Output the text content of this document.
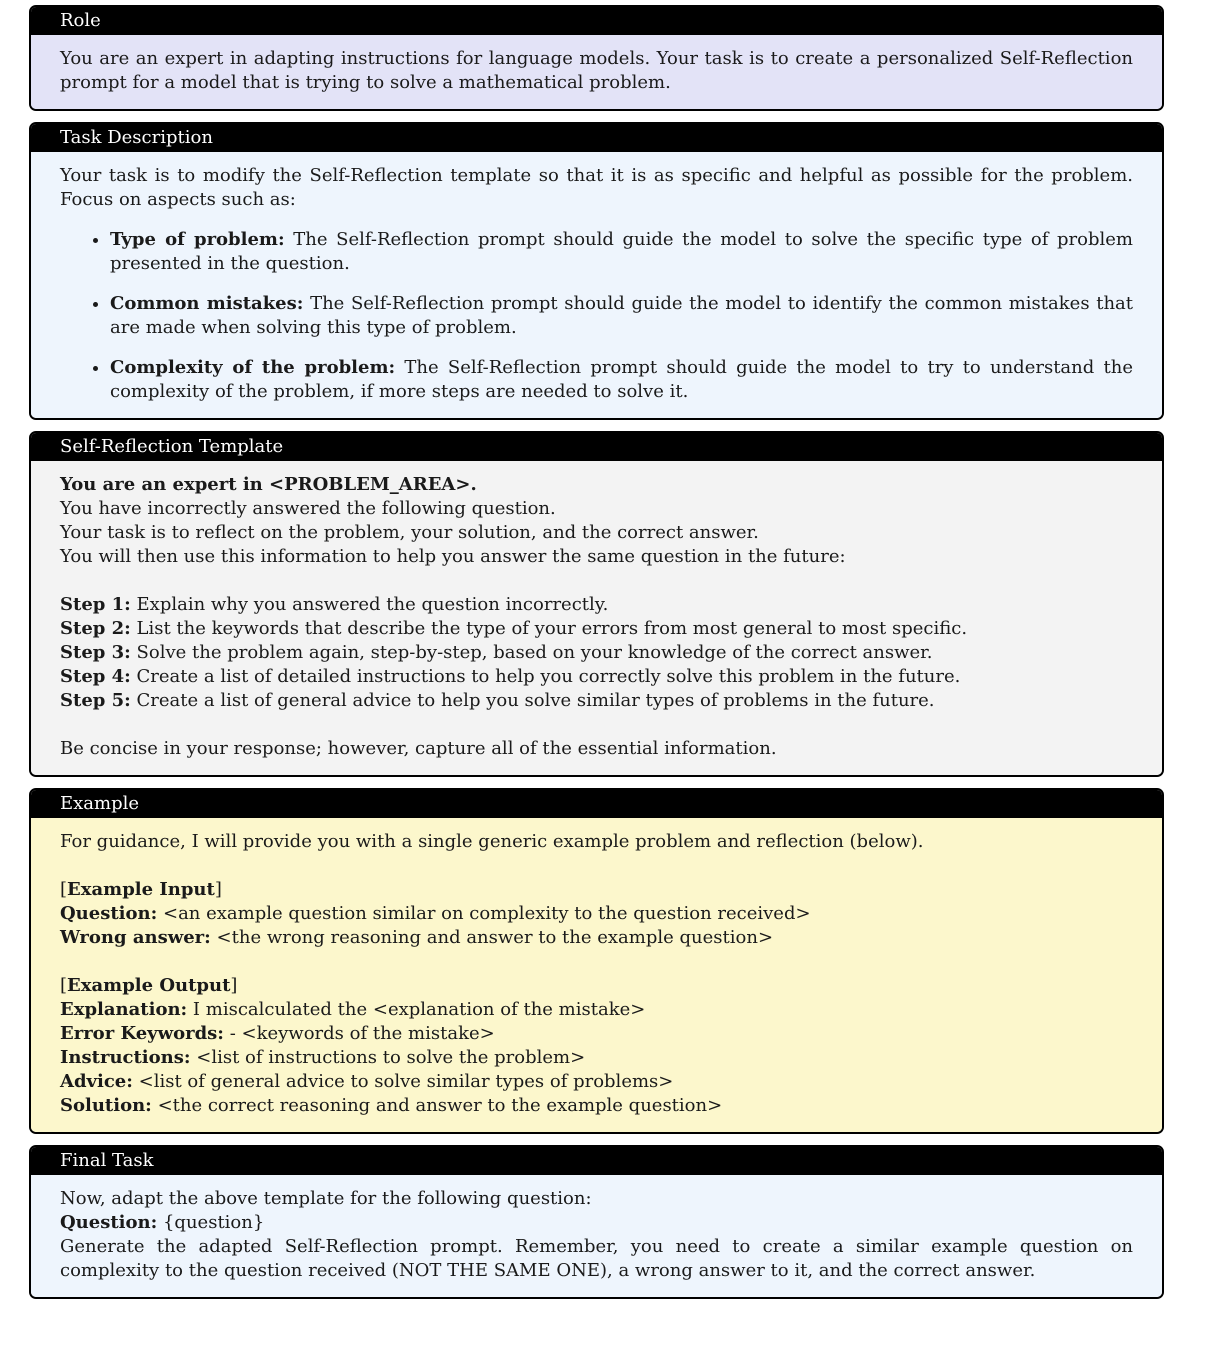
Role
You are an expert in adapting instructions for language models. Your task is to create a personalized Self-Reflection prompt for a model that is trying to solve a mathematical problem.
Task Description
Your task is to modify the Self-Reflection template so that it is as specific and helpful as possible for the problem. Focus on aspects such as:
• Type of problem: The Self-Reflection prompt should guide the model to solve the specific type of problem presented in the question.
• Common mistakes: The Self-Reflection prompt should guide the model to identify the common mistakes that are made when solving this type of problem.
• Complexity of the problem: The Self-Reflection prompt should guide the model to try to understand the complexity of the problem, if more steps are needed to solve it.
Self-Reflection Template
You are an expert in <PROBLEM_AREA>.
You have incorrectly answered the following question.
Your task is to reflect on the problem, your solution, and the correct answer.
You will then use this information to help you answer the same question in the future:
Step 1: Explain why you answered the question incorrectly.
Step 2: List the keywords that describe the type of your errors from most general to most specific.
Step 3: Solve the problem again, step-by-step, based on your knowledge of the correct answer.
Step 4: Create a list of detailed instructions to help you correctly solve this problem in the future.
Step 5: Create a list of general advice to help you solve similar types of problems in the future.
Be concise in your response; however, capture all of the essential information.
Example
For guidance, I will provide you with a single generic example problem and reflection (below).
[Example Input]
Question: <an example question similar on complexity to the question received>
Wrong answer: <the wrong reasoning and answer to the example question>
[Example Output]
Explanation: I miscalculated the <explanation of the mistake>
Error Keywords: - <keywords of the mistake>
Instructions: <list of instructions to solve the problem>
Advice: <list of general advice to solve similar types of problems>
Solution: <the correct reasoning and answer to the example question>
Final Task
Now, adapt the above template for the following question:
Question: {question}
Generate the adapted Self-Reflection prompt. Remember, you need to create a similar example question on complexity to the question received (NOT THE SAME ONE), a wrong answer to it, and the correct answer.
